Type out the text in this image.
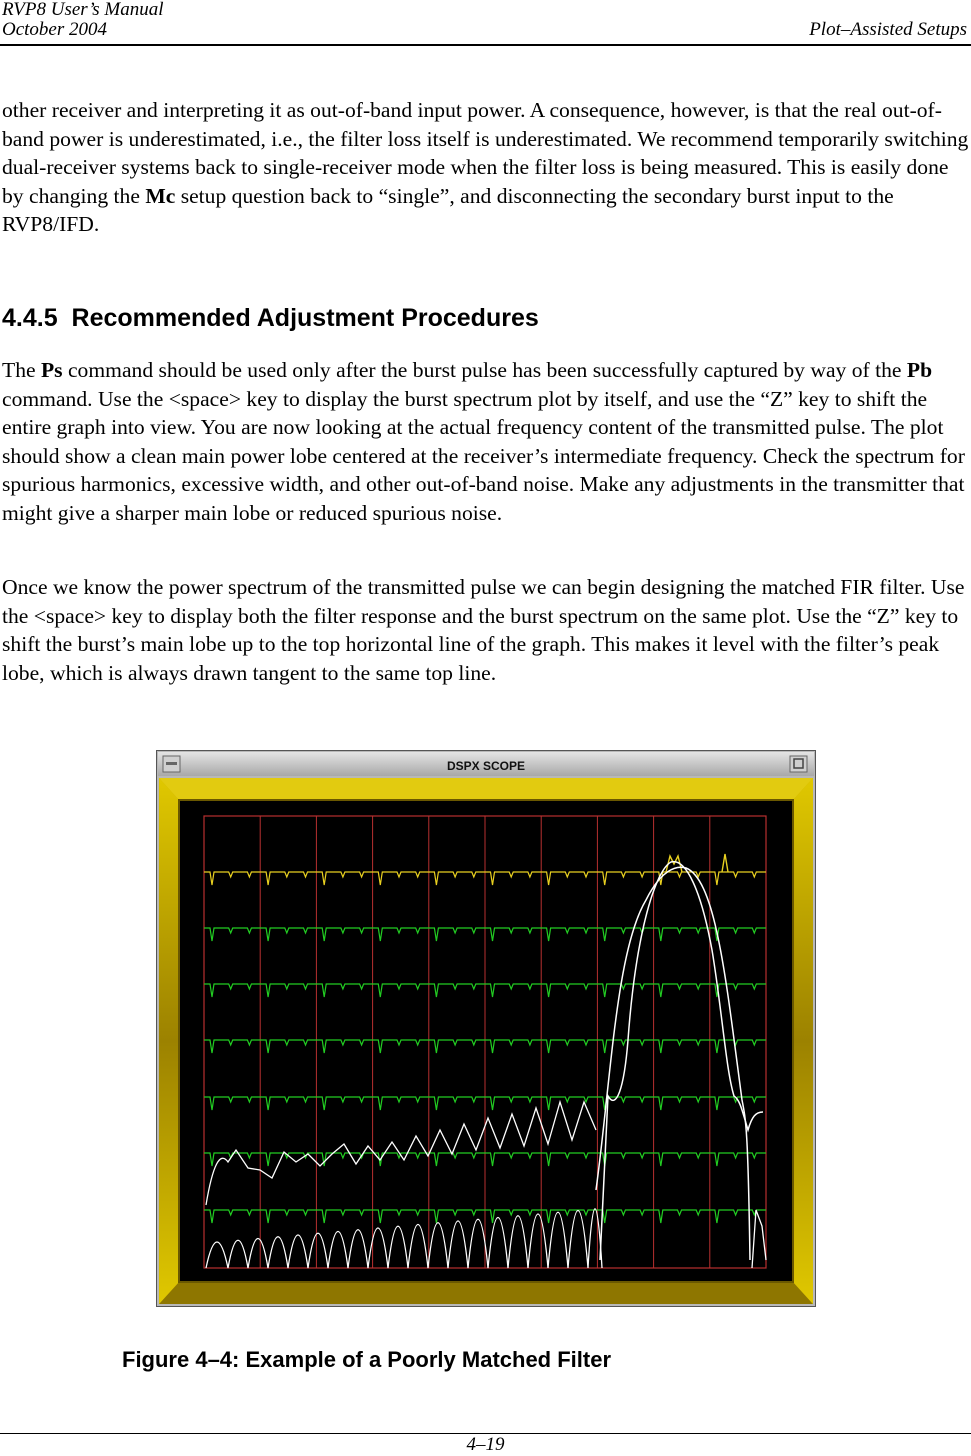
RVP8 User’s Manual
October 2004	Plot–Assisted Setups

other receiver and interpreting it as out-of-band input power. A consequence, however, is that the real out-of-band power is underestimated, i.e., the filter loss itself is underestimated. We recommend temporarily switching dual-receiver systems back to single-receiver mode when the filter loss is being measured. This is easily done by changing the Mc setup question back to “single”, and disconnecting the secondary burst input to the RVP8/IFD.

4.4.5 Recommended Adjustment Procedures

The Ps command should be used only after the burst pulse has been successfully captured by way of the Pb command. Use the <space> key to display the burst spectrum plot by itself, and use the “Z” key to shift the entire graph into view. You are now looking at the actual frequency content of the transmitted pulse. The plot should show a clean main power lobe centered at the receiver’s intermediate frequency. Check the spectrum for spurious harmonics, excessive width, and other out-of-band noise. Make any adjustments in the transmitter that might give a sharper main lobe or reduced spurious noise.

Once we know the power spectrum of the transmitted pulse we can begin designing the matched FIR filter. Use the <space> key to display both the filter response and the burst spectrum on the same plot. Use the “Z” key to shift the burst’s main lobe up to the top horizontal line of the graph. This makes it level with the filter’s peak lobe, which is always drawn tangent to the same top line.

DSPX SCOPE
Figure 4–4: Example of a Poorly Matched Filter
4–19
